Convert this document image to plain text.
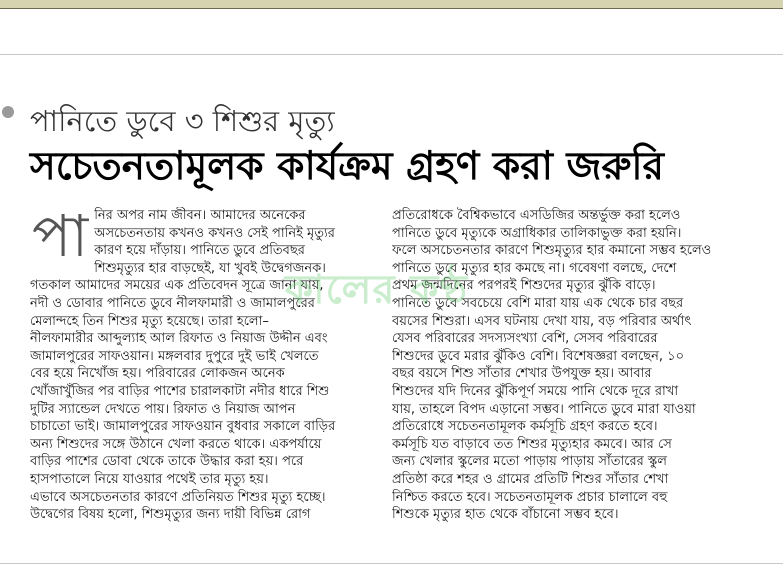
পানিতে ডুবে ৩ শিশুর মৃত্যু
সচেতনতামূলক কার্যক্রম গ্রহণ করা জরুরি
পা নির অপর নাম জীবন। আমাদের অনেকের

অসচেতনতায় কখনও কখনও সেই পানিই মৃত্যুর

কারণ হয়ে দাঁড়ায়। পানিতে ডুবে প্রতিবছর

শিশুমৃত্যুর হার বাড়ছেই, যা খুবই উদ্বেগজনক।

গতকাল আমাদের সময়ের এক প্রতিবেদন সূত্রে জানা যায়,

নদী ও ডোবার পানিতে ডুবে নীলফামারী ও জামালপুরের

মেলান্দহে তিন শিশুর মৃত্যু হয়েছে। তারা হলো–

নীলফামারীর আব্দুল্যাহ আল রিফাত ও নিয়াজ উদ্দীন এবং

জামালপুরের সাফওয়ান। মঙ্গলবার দুপুরে দুই ভাই খেলতে

বের হয়ে নিখোঁজ হয়। পরিবারের লোকজন অনেক

খোঁজাখুঁজির পর বাড়ির পাশের চারালকাটা নদীর ধারে শিশু

দুটির স্যান্ডেল দেখতে পায়। রিফাত ও নিয়াজ আপন

চাচাতো ভাই। জামালপুরের সাফওয়ান বুধবার সকালে বাড়ির

অন্য শিশুদের সঙ্গে উঠানে খেলা করতে থাকে। একপর্যায়ে

বাড়ির পাশের ডোবা থেকে তাকে উদ্ধার করা হয়। পরে

হাসপাতালে নিয়ে যাওয়ার পথেই তার মৃত্যু হয়।

এভাবে অসচেতনতার কারণে প্রতিনিয়ত শিশুর মৃত্যু হচ্ছে।

উদ্বেগের বিষয় হলো, শিশুমৃত্যুর জন্য দায়ী বিভিন্ন রোগ

প্রতিরোধকে বৈশ্বিকভাবে এসডিজির অন্তর্ভুক্ত করা হলেও

পানিতে ডুবে মৃত্যুকে অগ্রাধিকার তালিকাভুক্ত করা হয়নি।

ফলে অসচেতনতার কারণে শিশুমৃত্যুর হার কমানো সম্ভব হলেও

পানিতে ডুবে মৃত্যুর হার কমছে না। গবেষণা বলছে, দেশে

প্রথম জন্মদিনের পরপরই শিশুদের মৃত্যুর ঝুঁকি বাড়ে।

পানিতে ডুবে সবচেয়ে বেশি মারা যায় এক থেকে চার বছর

বয়সের শিশুরা। এসব ঘটনায় দেখা যায়, বড় পরিবার অর্থাৎ

যেসব পরিবারের সদস্যসংখ্যা বেশি, সেসব পরিবারের

শিশুদের ডুবে মরার ঝুঁকিও বেশি। বিশেষজ্ঞরা বলছেন, ১০

বছর বয়সে শিশু সাঁতার শেখার উপযুক্ত হয়। আবার

শিশুদের যদি দিনের ঝুঁকিপূর্ণ সময়ে পানি থেকে দূরে রাখা

যায়, তাহলে বিপদ এড়ানো সম্ভব। পানিতে ডুবে মারা যাওয়া

প্রতিরোধে সচেতনতামূলক কর্মসূচি গ্রহণ করতে হবে।

কর্মসূচি যত বাড়াবে তত শিশুর মৃত্যুহার কমবে। আর সে

জন্য খেলার স্কুলের মতো পাড়ায় পাড়ায় সাঁতারের স্কুল

প্রতিষ্ঠা করে শহর ও গ্রামের প্রতিটি শিশুর সাঁতার শেখা

নিশ্চিত করতে হবে। সচেতনতামূলক প্রচার চালালে বহু

শিশুকে মৃত্যুর হাত থেকে বাঁচানো সম্ভব হবে।

কালের কণ্ঠ
